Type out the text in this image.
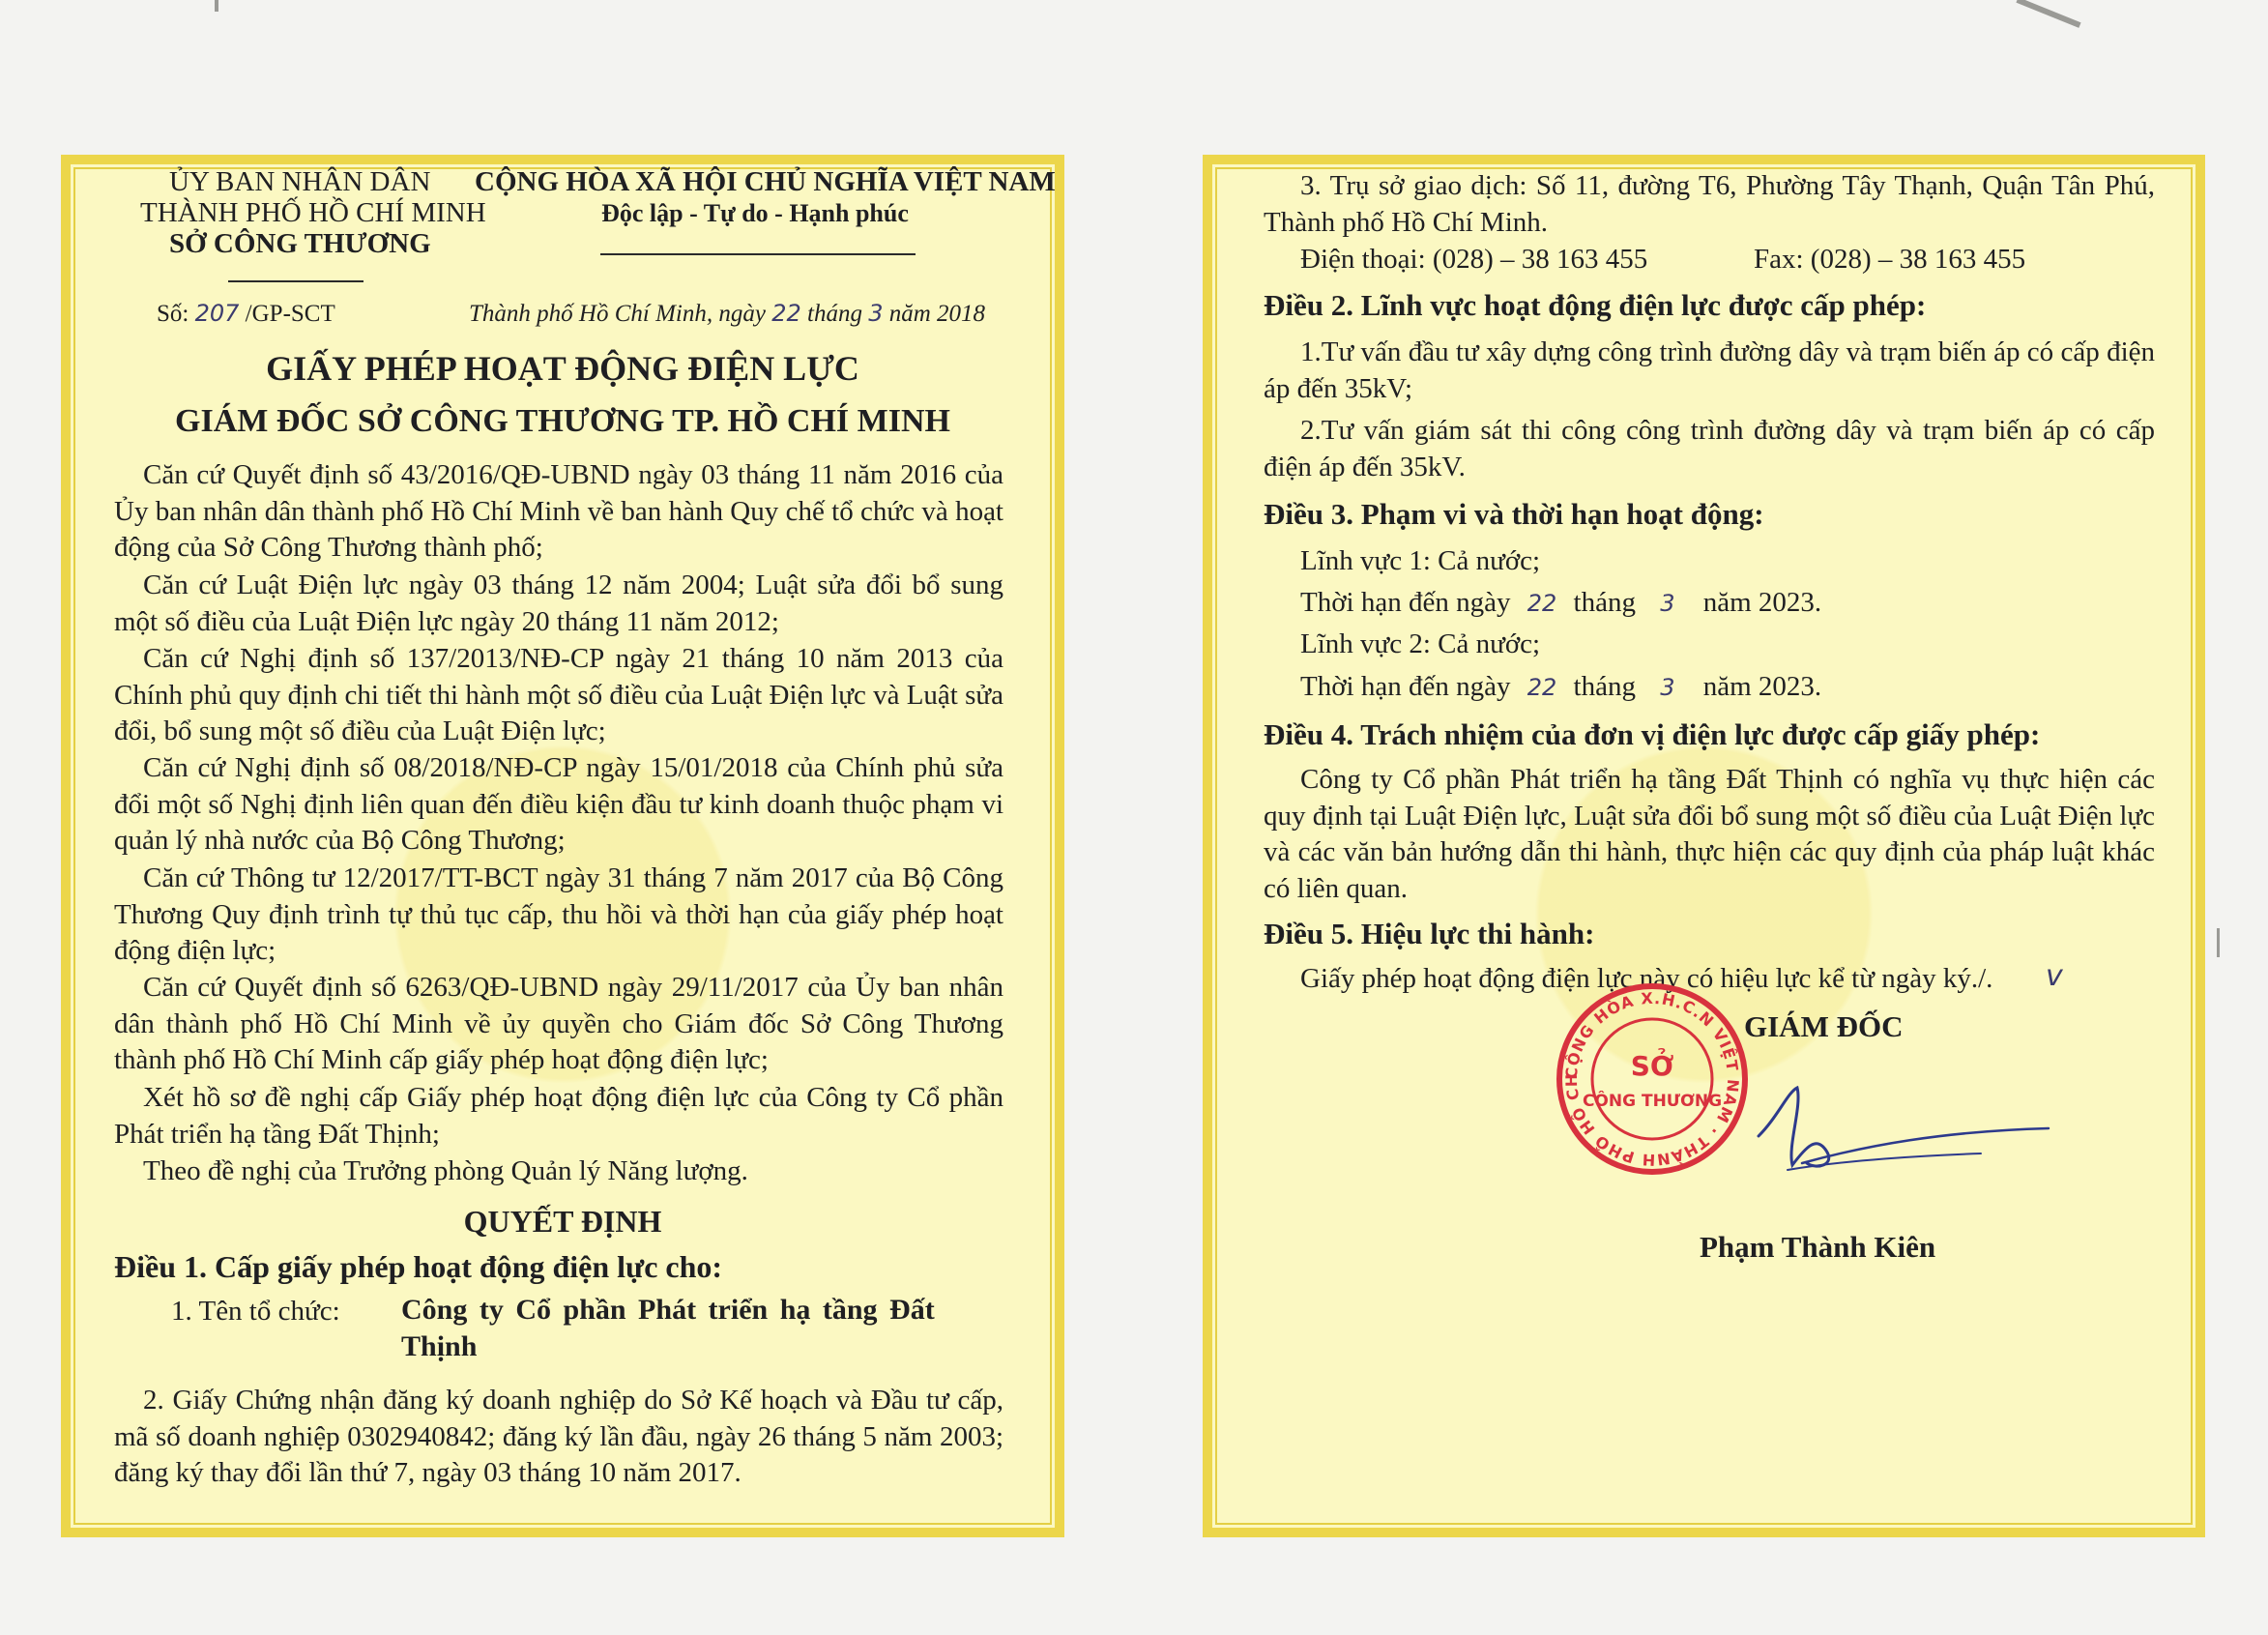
ỦY BAN NHÂN DÂN
THÀNH PHỐ HỒ CHÍ MINH
SỞ CÔNG THƯƠNG
CỘNG HÒA XÃ HỘI CHỦ NGHĨA VIỆT NAM
Độc lập - Tự do - Hạnh phúc
Số: 207 /GP-SCT	Thành phố Hồ Chí Minh, ngày 22 tháng 3 năm 2018
GIẤY PHÉP HOẠT ĐỘNG ĐIỆN LỰC
GIÁM ĐỐC SỞ CÔNG THƯƠNG TP. HỒ CHÍ MINH
Căn cứ Quyết định số 43/2016/QĐ-UBND ngày 03 tháng 11 năm 2016 của Ủy ban nhân dân thành phố Hồ Chí Minh về ban hành Quy chế tổ chức và hoạt động của Sở Công Thương thành phố;
Căn cứ Luật Điện lực ngày 03 tháng 12 năm 2004; Luật sửa đổi bổ sung một số điều của Luật Điện lực ngày 20 tháng 11 năm 2012;
Căn cứ Nghị định số 137/2013/NĐ-CP ngày 21 tháng 10 năm 2013 của Chính phủ quy định chi tiết thi hành một số điều của Luật Điện lực và Luật sửa đổi, bổ sung một số điều của Luật Điện lực;
Căn cứ Nghị định số 08/2018/NĐ-CP ngày 15/01/2018 của Chính phủ sửa đổi một số Nghị định liên quan đến điều kiện đầu tư kinh doanh thuộc phạm vi quản lý nhà nước của Bộ Công Thương;
Căn cứ Thông tư 12/2017/TT-BCT ngày 31 tháng 7 năm 2017 của Bộ Công Thương Quy định trình tự thủ tục cấp, thu hồi và thời hạn của giấy phép hoạt động điện lực;
Căn cứ Quyết định số 6263/QĐ-UBND ngày 29/11/2017 của Ủy ban nhân dân thành phố Hồ Chí Minh về ủy quyền cho Giám đốc Sở Công Thương thành phố Hồ Chí Minh cấp giấy phép hoạt động điện lực;
Xét hồ sơ đề nghị cấp Giấy phép hoạt động điện lực của Công ty Cổ phần Phát triển hạ tầng Đất Thịnh;
Theo đề nghị của Trưởng phòng Quản lý Năng lượng.
QUYẾT ĐỊNH
Điều 1. Cấp giấy phép hoạt động điện lực cho:
1. Tên tổ chức: Công ty Cổ phần Phát triển hạ tầng Đất
Thịnh
2. Giấy Chứng nhận đăng ký doanh nghiệp do Sở Kế hoạch và Đầu tư cấp, mã số doanh nghiệp 0302940842; đăng ký lần đầu, ngày 26 tháng 5 năm 2003; đăng ký thay đổi lần thứ 7, ngày 03 tháng 10 năm 2017.
3. Trụ sở giao dịch: Số 11, đường T6, Phường Tây Thạnh, Quận Tân Phú, Thành phố Hồ Chí Minh.
Điện thoại: (028) – 38 163 455	Fax: (028) – 38 163 455
Điều 2. Lĩnh vực hoạt động điện lực được cấp phép:
1.Tư vấn đầu tư xây dựng công trình đường dây và trạm biến áp có cấp điện áp đến 35kV;
2.Tư vấn giám sát thi công công trình đường dây và trạm biến áp có cấp điện áp đến 35kV.
Điều 3. Phạm vi và thời hạn hoạt động:
Lĩnh vực 1: Cả nước;
Thời hạn đến ngày 22 tháng 3 năm 2023.
Lĩnh vực 2: Cả nước;
Thời hạn đến ngày 22 tháng 3 năm 2023.
Điều 4. Trách nhiệm của đơn vị điện lực được cấp giấy phép:
Công ty Cổ phần Phát triển hạ tầng Đất Thịnh có nghĩa vụ thực hiện các quy định tại Luật Điện lực, Luật sửa đổi bổ sung một số điều của Luật Điện lực và các văn bản hướng dẫn thi hành, thực hiện các quy định của pháp luật khác có liên quan.
Điều 5. Hiệu lực thi hành:
Giấy phép hoạt động điện lực này có hiệu lực kể từ ngày ký./. v
GIÁM ĐỐC
CỘNG HÒA X.H.C.N VIỆT NAM · THÀNH PHỐ HỒ CH	SỞ
CÔNG THƯƠNG
Phạm Thành Kiên
